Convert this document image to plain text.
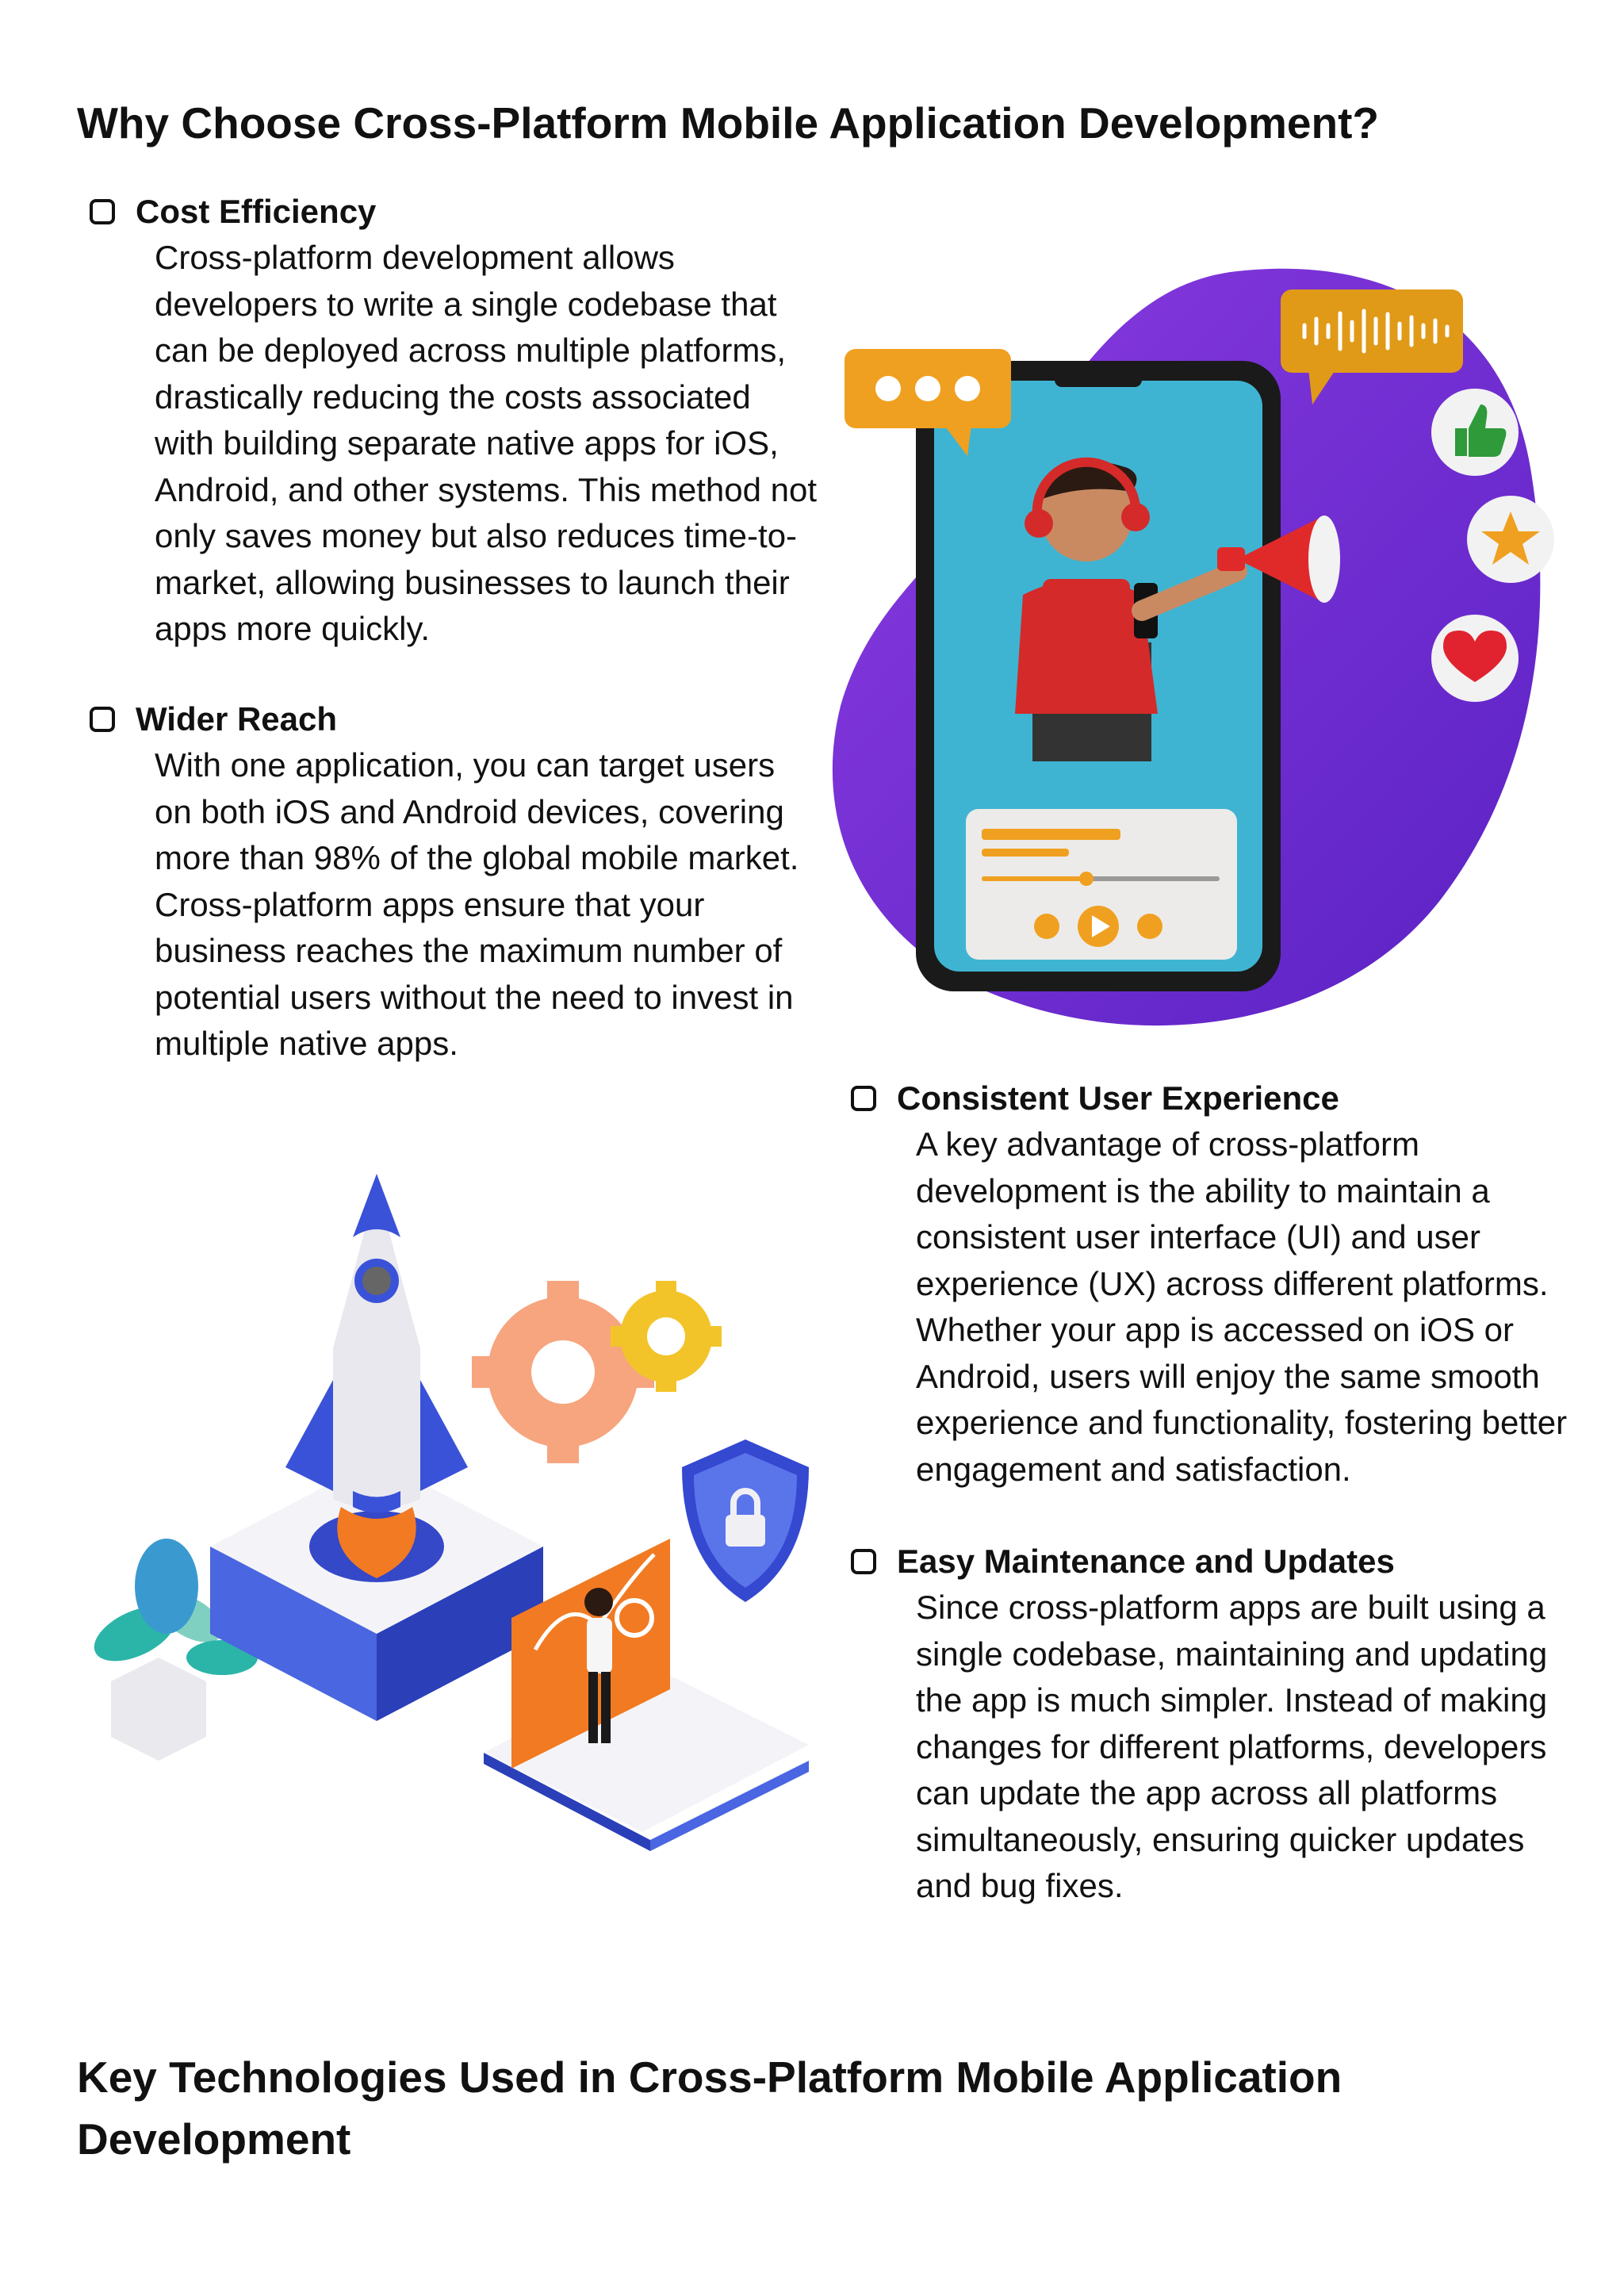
Why Choose Cross-Platform Mobile Application Development?
Cost Efficiency
Cross-platform development allows developers to write a single codebase that can be deployed across multiple platforms, drastically reducing the costs associated with building separate native apps for iOS, Android, and other systems. This method not only saves money but also reduces time-to-market, allowing businesses to launch their apps more quickly.
Wider Reach
With one application, you can target users on both iOS and Android devices, covering more than 98% of the global mobile market. Cross-platform apps ensure that your business reaches the maximum number of potential users without the need to invest in multiple native apps.
Consistent User Experience
A key advantage of cross-platform development is the ability to maintain a consistent user interface (UI) and user experience (UX) across different platforms. Whether your app is accessed on iOS or Android, users will enjoy the same smooth experience and functionality, fostering better engagement and satisfaction.
Easy Maintenance and Updates
Since cross-platform apps are built using a single codebase, maintaining and updating the app is much simpler. Instead of making changes for different platforms, developers can update the app across all platforms simultaneously, ensuring quicker updates and bug fixes.
Key Technologies Used in Cross-Platform Mobile Application Development
